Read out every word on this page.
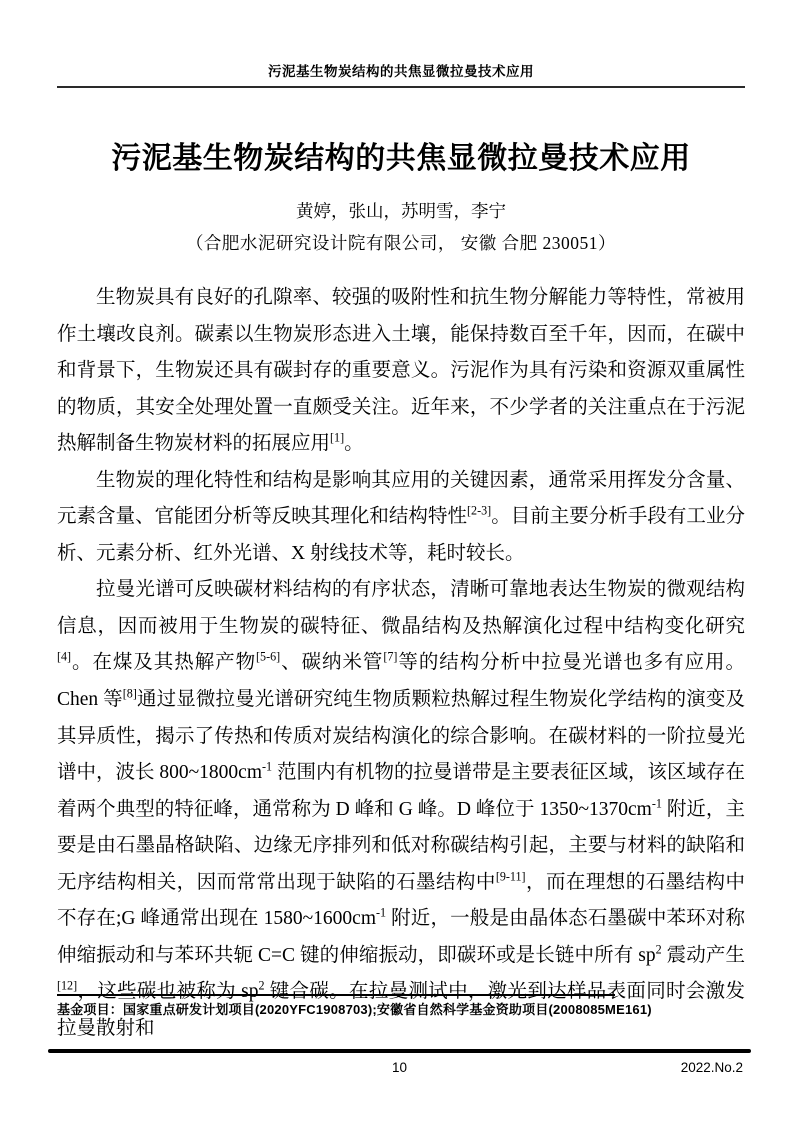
污泥基生物炭结构的共焦显微拉曼技术应用
污泥基生物炭结构的共焦显微拉曼技术应用
黄婷，张山，苏明雪，李宁
（合肥水泥研究设计院有限公司， 安徽 合肥 230051）

生物炭具有良好的孔隙率、较强的吸附性和抗生物分解能力等特性，常被用作土壤改良剂。碳素以生物炭形态进入土壤，能保持数百至千年，因而，在碳中和背景下，生物炭还具有碳封存的重要意义。污泥作为具有污染和资源双重属性的物质，其安全处理处置一直颇受关注。近年来，不少学者的关注重点在于污泥热解制备生物炭材料的拓展应用[1]。

生物炭的理化特性和结构是影响其应用的关键因素，通常采用挥发分含量、元素含量、官能团分析等反映其理化和结构特性[2-3]。目前主要分析手段有工业分析、元素分析、红外光谱、X 射线技术等，耗时较长。

拉曼光谱可反映碳材料结构的有序状态，清晰可靠地表达生物炭的微观结构信息，因而被用于生物炭的碳特征、微晶结构及热解演化过程中结构变化研究[4]。在煤及其热解产物[5-6]、碳纳米管[7]等的结构分析中拉曼光谱也多有应用。Chen 等[8]通过显微拉曼光谱研究纯生物质颗粒热解过程生物炭化学结构的演变及其异质性，揭示了传热和传质对炭结构演化的综合影响。在碳材料的一阶拉曼光谱中，波长 $800\sim 1800cm^{-1}$ 范围内有机物的拉曼谱带是主要表征区域，该区域存在着两个典型的特征峰，通常称为 D 峰和 G 峰。D 峰位于 $1350\sim 1370cm^{-1}$ 附近，主要是由石墨晶格缺陷、边缘无序排列和低对称碳结构引起，主要与材料的缺陷和无序结构相关，因而常常出现于缺陷的石墨结构中[9-11]，而在理想的石墨结构中不存在;G 峰通常出现在 $1580\sim 1600cm^{-1}$ 附近，一般是由晶体态石墨碳中苯环对称伸缩振动和与苯环共轭 C=C 键的伸缩振动，即碳环或是长链中所有 $sp^2$ 震动产生[12]，这些碳也被称为 $sp^2$ 键合碳。在拉曼测试中，激光到达样品表面同时会激发拉曼散射和

基金项目：国家重点研发计划项目(2020YFC1908703);安徽省自然科学基金资助项目(2008085ME161)
10	2022.No.2
